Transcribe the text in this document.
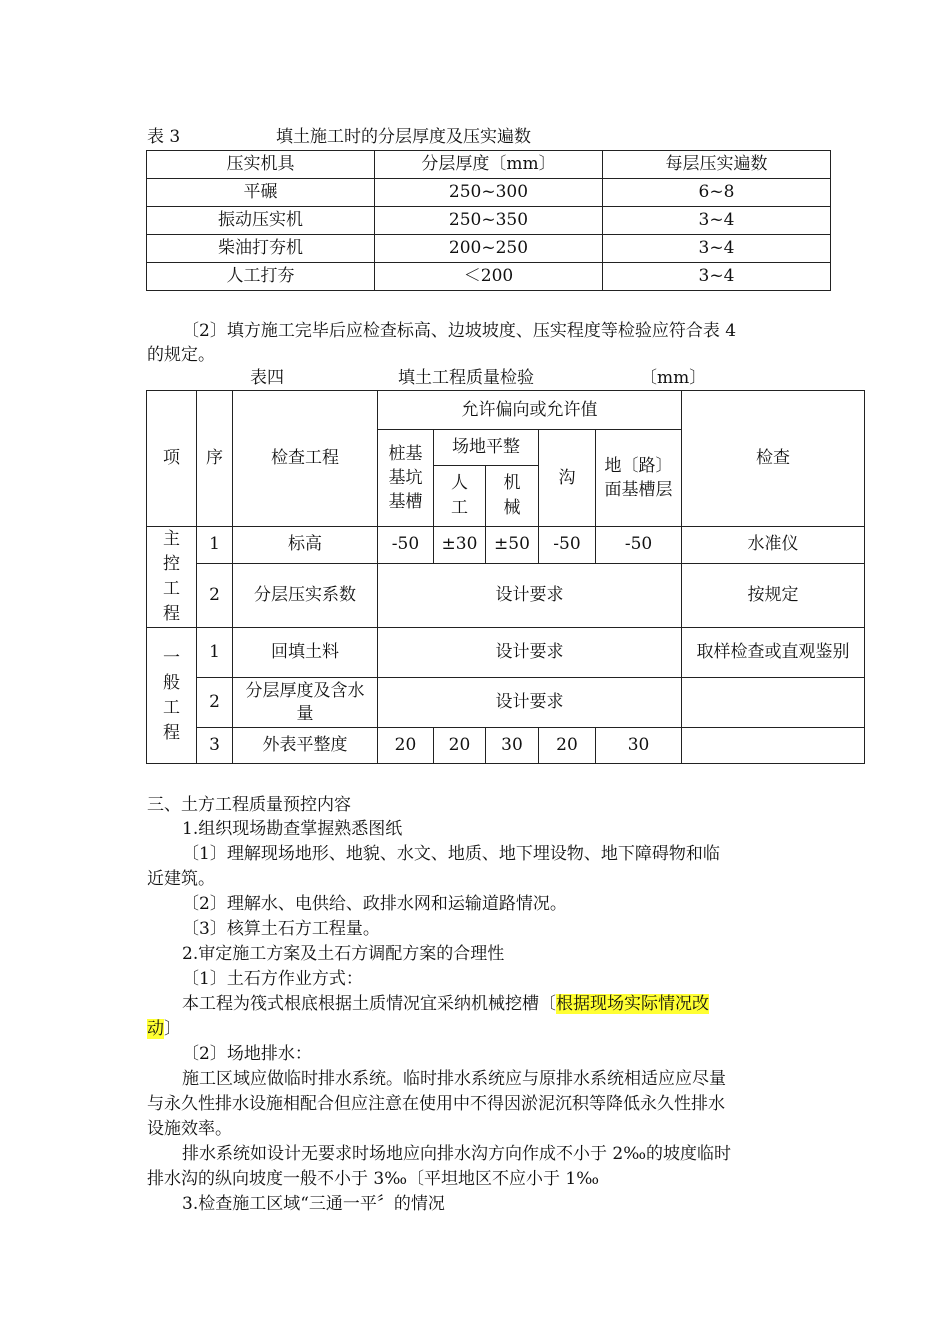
表 3	填土施工时的分层厚度及压实遍数
压实机具	分层厚度〔mm〕	每层压实遍数
平碾	250~300	6~8
振动压实机	250~350	3~4
柴油打夯机	200~250	3~4
人工打夯	＜200	3~4
〔2〕填方施工完毕后应检查标高、边坡坡度、压实程度等检验应符合表 4
的规定。
表四	填土工程质量检验	〔mm〕
项	序	检查工程	允许偏向或允许值					检查
			桩基基坑基槽	场地平整		沟	地〔路〕面基槽层	
				人工	机械			
主控工程	1	标高	-50	±30	±50	-50	-50	水准仪
	2	分层压实系数	设计要求					按规定
一般工程	1	回填土料	设计要求					取样检查或直观鉴别
	2	分层厚度及含水量	设计要求					
	3	外表平整度	20	20	30	20	30	
三、土方工程质量预控内容
1.组织现场勘查掌握熟悉图纸
〔1〕理解现场地形、地貌、水文、地质、地下埋设物、地下障碍物和临
近建筑。
〔2〕理解水、电供给、政排水网和运输道路情况。
〔3〕核算土石方工程量。
2.审定施工方案及土石方调配方案的合理性
〔1〕土石方作业方式：
本工程为筏式根底根据土质情况宜采纳机械挖槽〔根据现场实际情况改
动〕
〔2〕场地排水：
施工区域应做临时排水系统。临时排水系统应与原排水系统相适应应尽量
与永久性排水设施相配合但应注意在使用中不得因淤泥沉积等降低永久性排水
设施效率。
排水系统如设计无要求时场地应向排水沟方向作成不小于 2‰的坡度临时
排水沟的纵向坡度一般不小于 3‰〔平坦地区不应小于 1‰
3.检查施工区域“三通一平〞的情况
